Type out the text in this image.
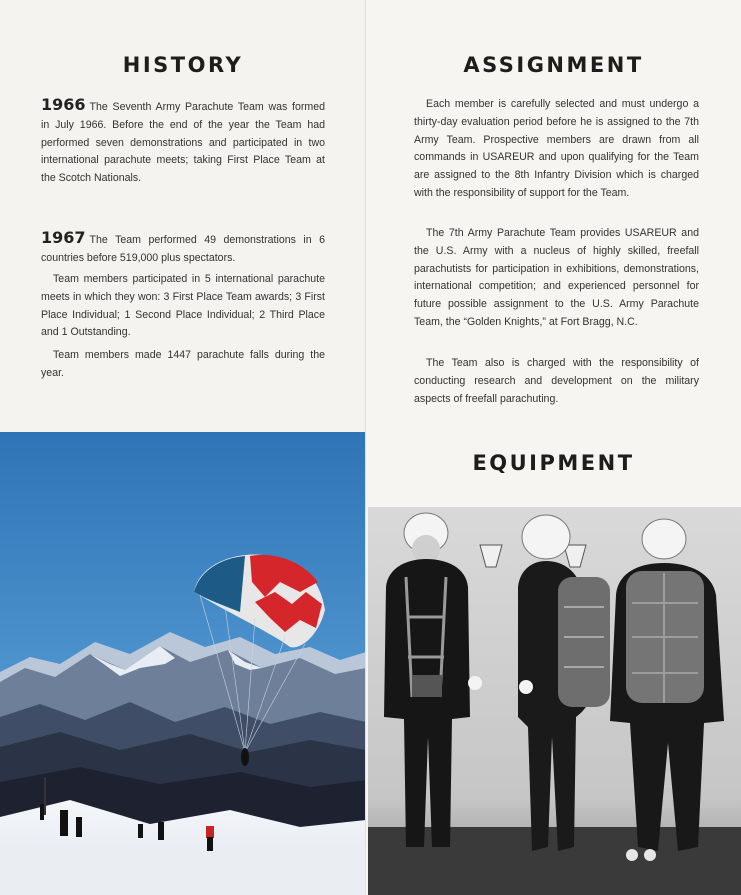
HISTORY

1966 The Seventh Army Parachute Team was formed in July 1966. Before the end of the year the Team had performed seven demonstrations and participated in two international parachute meets; taking First Place Team at the Scotch Nationals.

1967 The Team performed 49 demonstrations in 6 countries before 519,000 plus spectators.

Team members participated in 5 international parachute meets in which they won: 3 First Place Team awards; 3 First Place Individual; 1 Second Place Individual; 2 Third Place and 1 Outstanding.

Team members made 1447 parachute falls during the year.

ASSIGNMENT

Each member is carefully selected and must undergo a thirty-day evaluation period before he is assigned to the 7th Army Team. Prospective members are drawn from all commands in USAREUR and upon qualifying for the Team are assigned to the 8th Infantry Division which is charged with the responsibility of support for the Team.

The 7th Army Parachute Team provides USAREUR and the U.S. Army with a nucleus of highly skilled, freefall parachutists for participation in exhibitions, demonstrations, international competition; and experienced personnel for future possible assignment to the U.S. Army Parachute Team, the “Golden Knights,” at Fort Bragg, N.C.

The Team also is charged with the responsibility of conducting research and development on the military aspects of freefall parachuting.

EQUIPMENT
